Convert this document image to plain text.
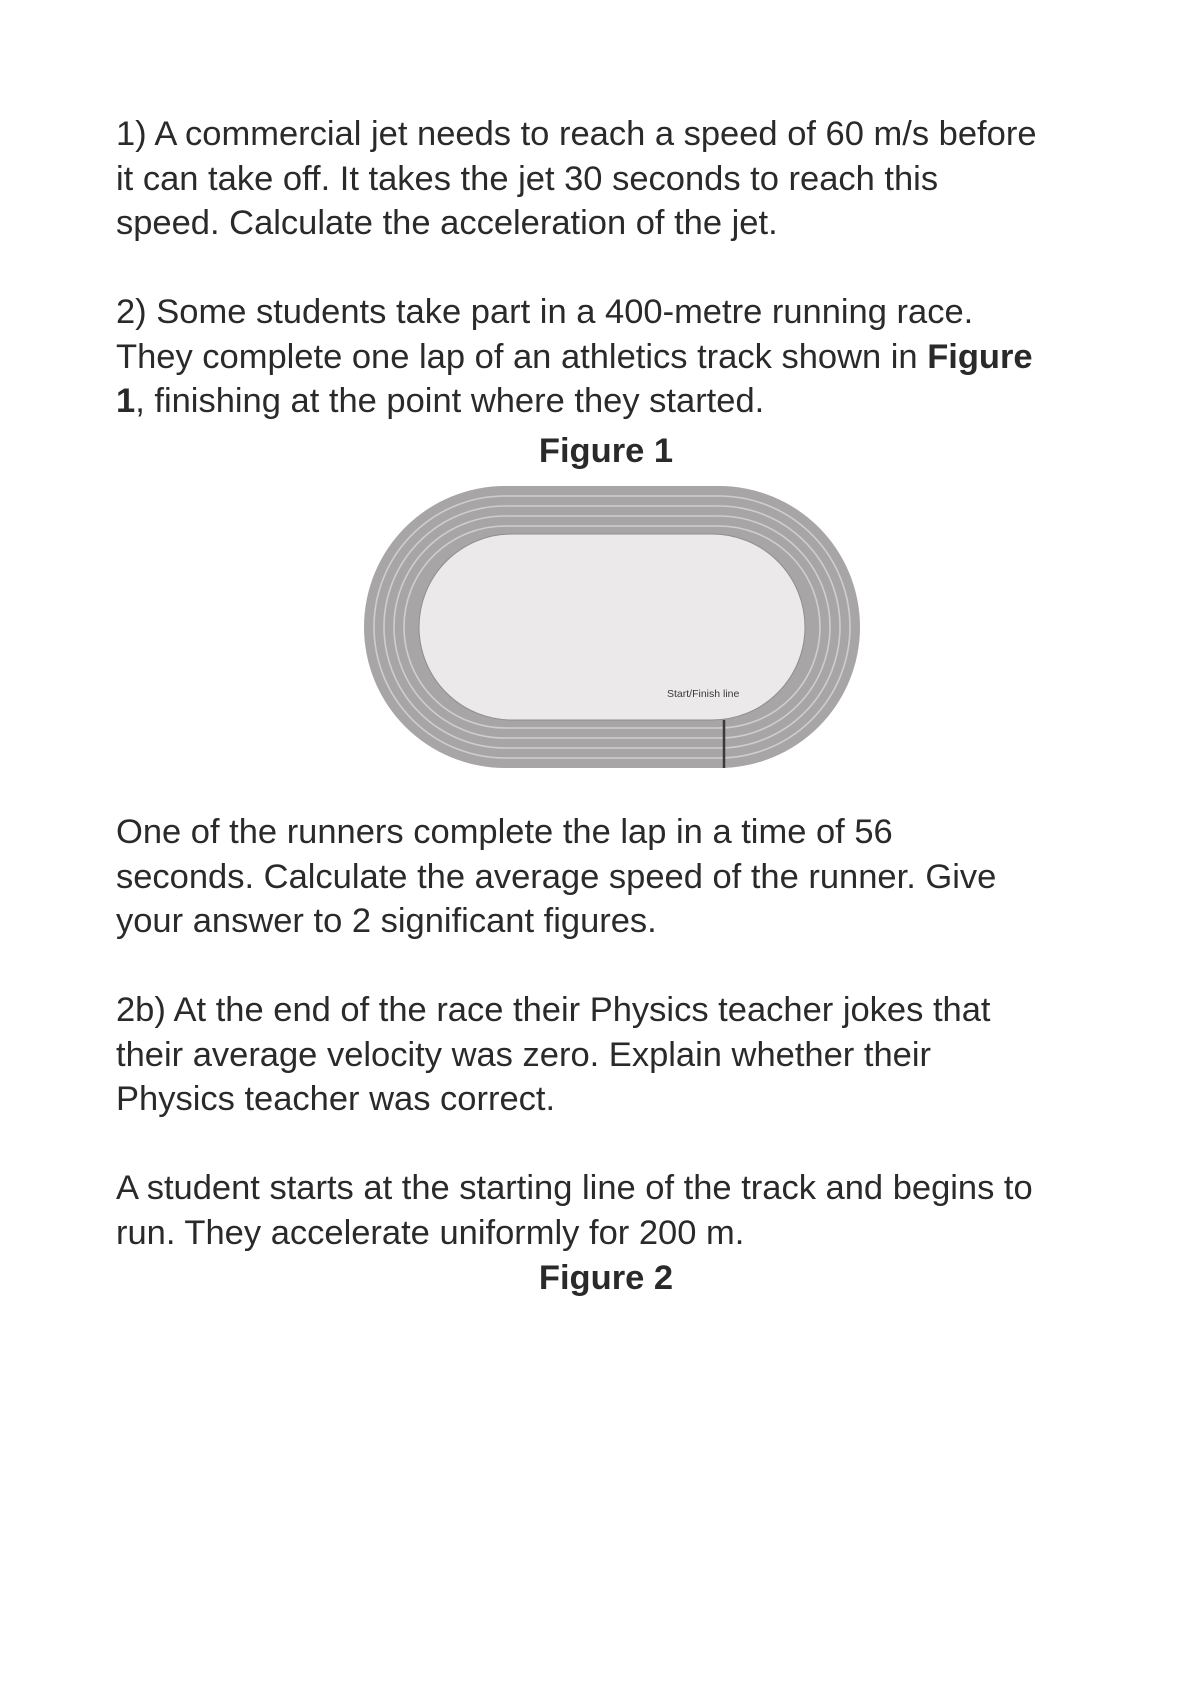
1) A commercial jet needs to reach a speed of 60 m/s before
it can take off. It takes the jet 30 seconds to reach this
speed. Calculate the acceleration of the jet.

2) Some students take part in a 400-metre running race.
They complete one lap of an athletics track shown in Figure
1, finishing at the point where they started.

Figure 1

Start/Finish line

One of the runners complete the lap in a time of 56
seconds. Calculate the average speed of the runner. Give
your answer to 2 significant figures.

2b) At the end of the race their Physics teacher jokes that
their average velocity was zero. Explain whether their
Physics teacher was correct.

A student starts at the starting line of the track and begins to
run. They accelerate uniformly for 200 m.

Figure 2
